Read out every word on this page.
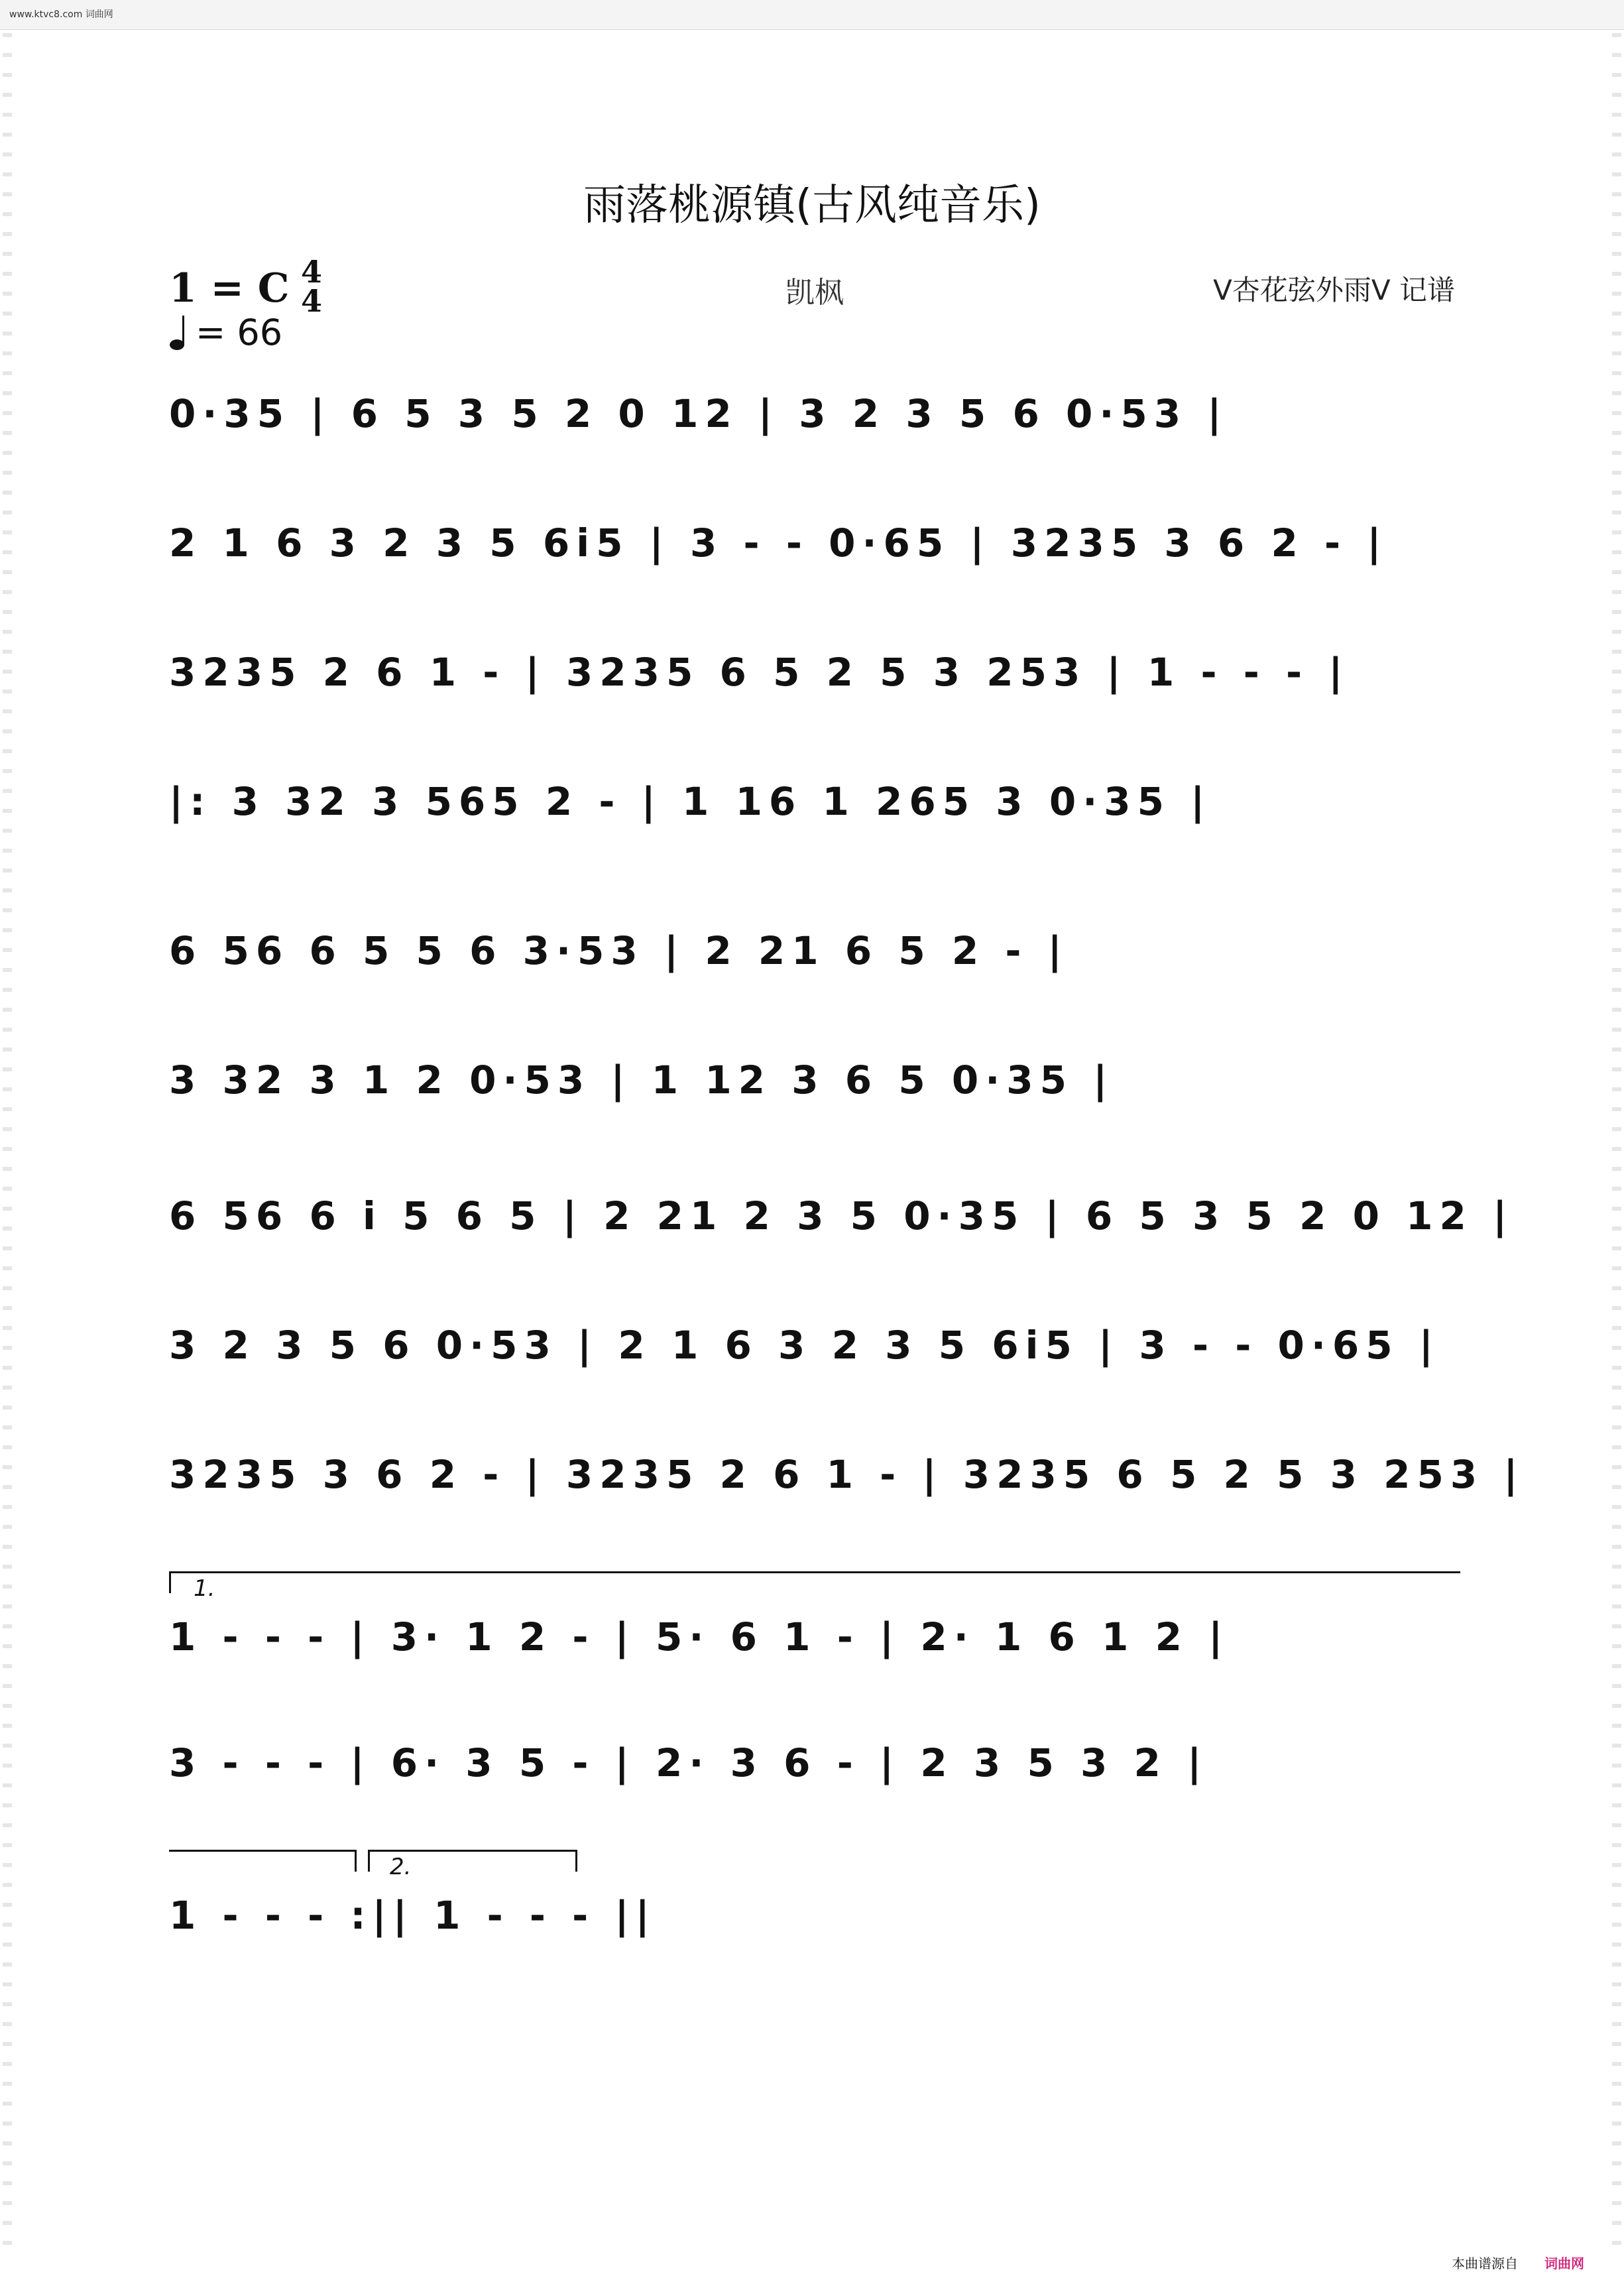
www.ktvc8.com 词曲网
雨落桃源镇(古风纯音乐)
1 = C 4
4
= 66
凯枫	V杏花弦外雨V 记谱
0·35 | 6 5 3 5 2 0 12 | 3 2 3 5 6 0·53 |
2 1 6 3 2 3 5 6i5 | 3 - - 0·65 | 3235 3 6 2 - |
3235 2 6 1 - | 3235 6 5 2 5 3 253 | 1 - - - |
|: 3 32 3 565 2 - | 1 16 1 265 3 0·35 |
6 56 6 5 5 6 3·53 | 2 21 6 5 2 - |
3 32 3 1 2 0·53 | 1 12 3 6 5 0·35 |
6 56 6 i 5 6 5 | 2 21 2 3 5 0·35 | 6 5 3 5 2 0 12 |
3 2 3 5 6 0·53 | 2 1 6 3 2 3 5 6i5 | 3 - - 0·65 |
3235 3 6 2 - | 3235 2 6 1 - | 3235 6 5 2 5 3 253 |
1.
1 - - - | 3· 1 2 - | 5· 6 1 - | 2· 1 6 1 2 |
3 - - - | 6· 3 5 - | 2· 3 6 - | 2 3 5 3 2 |
2.
1 - - - :|| 1 - - - ||
本曲谱源自 词曲网
